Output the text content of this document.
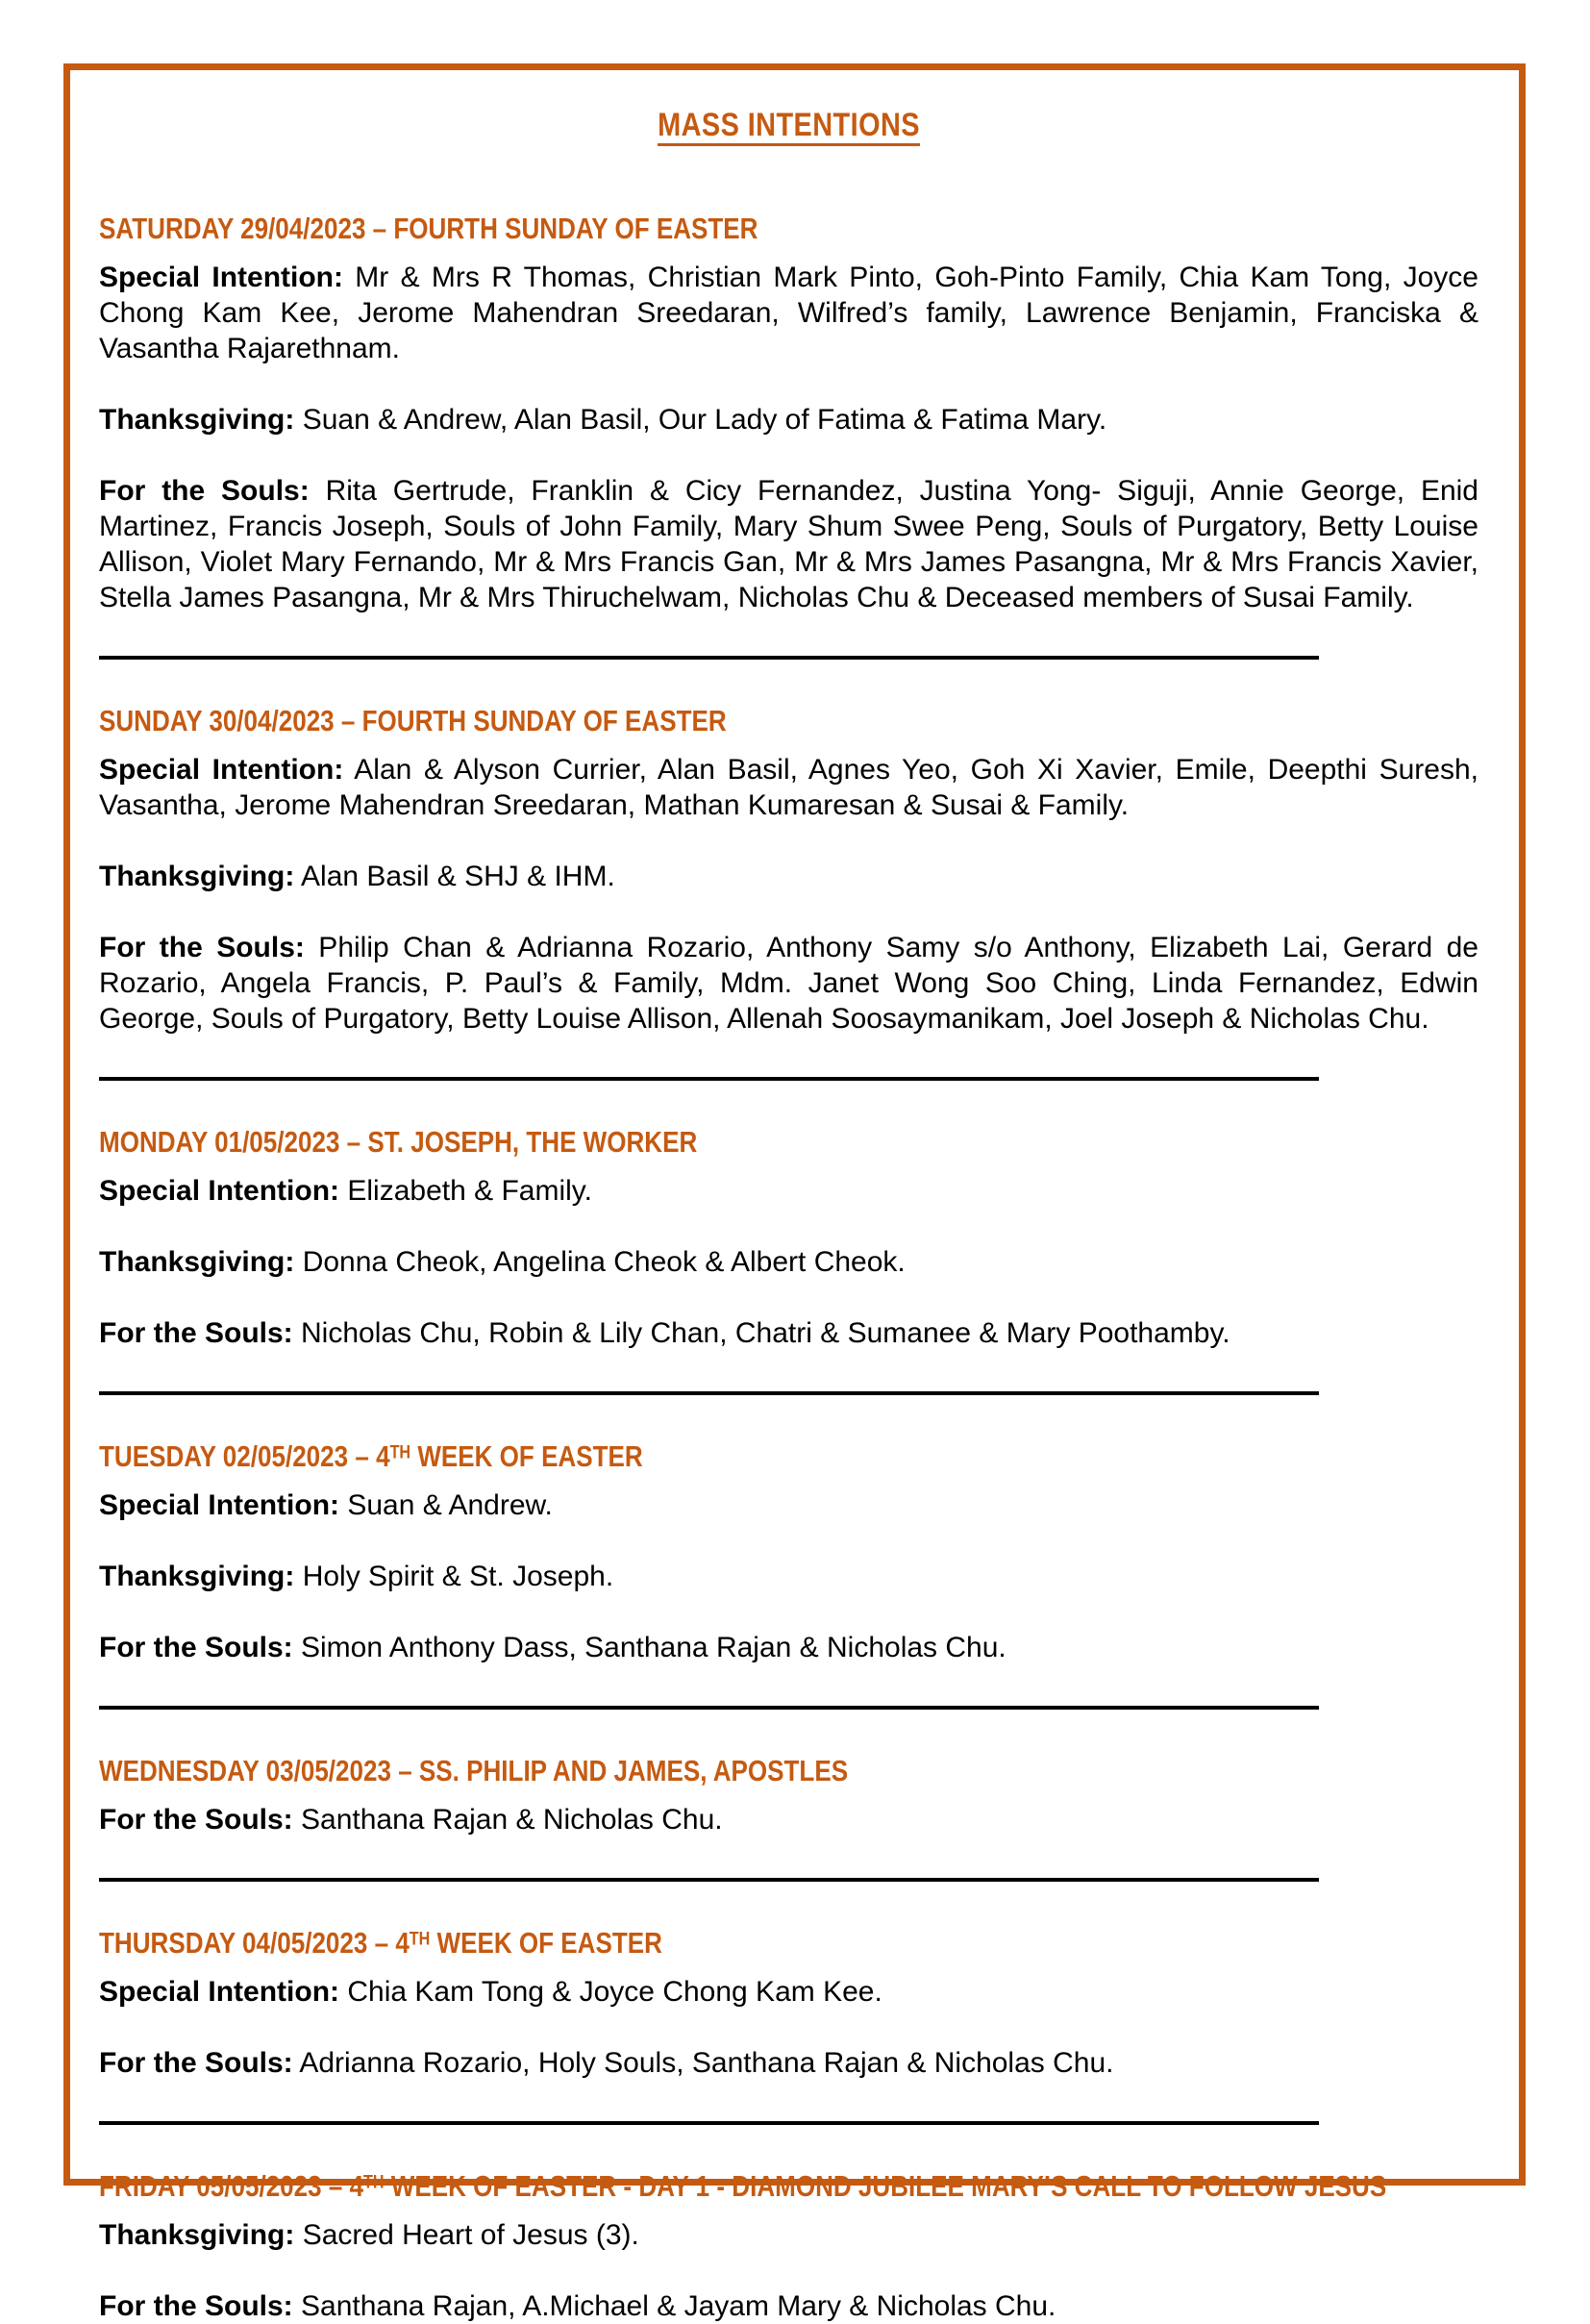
MASS INTENTIONS
SATURDAY 29/04/2023 – FOURTH SUNDAY OF EASTER

Special Intention: Mr & Mrs R Thomas, Christian Mark Pinto, Goh-Pinto Family, Chia Kam Tong, Joyce Chong Kam Kee, Jerome Mahendran Sreedaran, Wilfred’s family, Lawrence Benjamin, Franciska & Vasantha Rajarethnam.

Thanksgiving: Suan & Andrew, Alan Basil, Our Lady of Fatima & Fatima Mary.

For the Souls: Rita Gertrude, Franklin & Cicy Fernandez, Justina Yong- Siguji, Annie George, Enid Martinez, Francis Joseph, Souls of John Family, Mary Shum Swee Peng, Souls of Purgatory, Betty Louise Allison, Violet Mary Fernando, Mr & Mrs Francis Gan, Mr & Mrs James Pasangna, Mr & Mrs Francis Xavier, Stella James Pasangna, Mr & Mrs Thiruchelwam, Nicholas Chu & Deceased members of Susai Family.

SUNDAY 30/04/2023 – FOURTH SUNDAY OF EASTER

Special Intention: Alan & Alyson Currier, Alan Basil, Agnes Yeo, Goh Xi Xavier, Emile, Deepthi Suresh, Vasantha, Jerome Mahendran Sreedaran, Mathan Kumaresan & Susai & Family.

Thanksgiving: Alan Basil & SHJ & IHM.

For the Souls: Philip Chan & Adrianna Rozario, Anthony Samy s/o Anthony, Elizabeth Lai, Gerard de Rozario, Angela Francis, P. Paul’s & Family, Mdm. Janet Wong Soo Ching, Linda Fernandez, Edwin George, Souls of Purgatory, Betty Louise Allison, Allenah Soosaymanikam, Joel Joseph & Nicholas Chu.

MONDAY 01/05/2023 – ST. JOSEPH, THE WORKER

Special Intention: Elizabeth & Family.

Thanksgiving: Donna Cheok, Angelina Cheok & Albert Cheok.

For the Souls: Nicholas Chu, Robin & Lily Chan, Chatri & Sumanee & Mary Poothamby.

TUESDAY 02/05/2023 – 4TH WEEK OF EASTER

Special Intention: Suan & Andrew.

Thanksgiving: Holy Spirit & St. Joseph.

For the Souls: Simon Anthony Dass, Santhana Rajan & Nicholas Chu.

WEDNESDAY 03/05/2023 – SS. PHILIP AND JAMES, APOSTLES

For the Souls: Santhana Rajan & Nicholas Chu.

THURSDAY 04/05/2023 – 4TH WEEK OF EASTER

Special Intention: Chia Kam Tong & Joyce Chong Kam Kee.

For the Souls: Adrianna Rozario, Holy Souls, Santhana Rajan & Nicholas Chu.

FRIDAY 05/05/2023 – 4TH WEEK OF EASTER - DAY 1 - DIAMOND JUBILEE MARY’S CALL TO FOLLOW JESUS

Thanksgiving: Sacred Heart of Jesus (3).

For the Souls: Santhana Rajan, A.Michael & Jayam Mary & Nicholas Chu.
